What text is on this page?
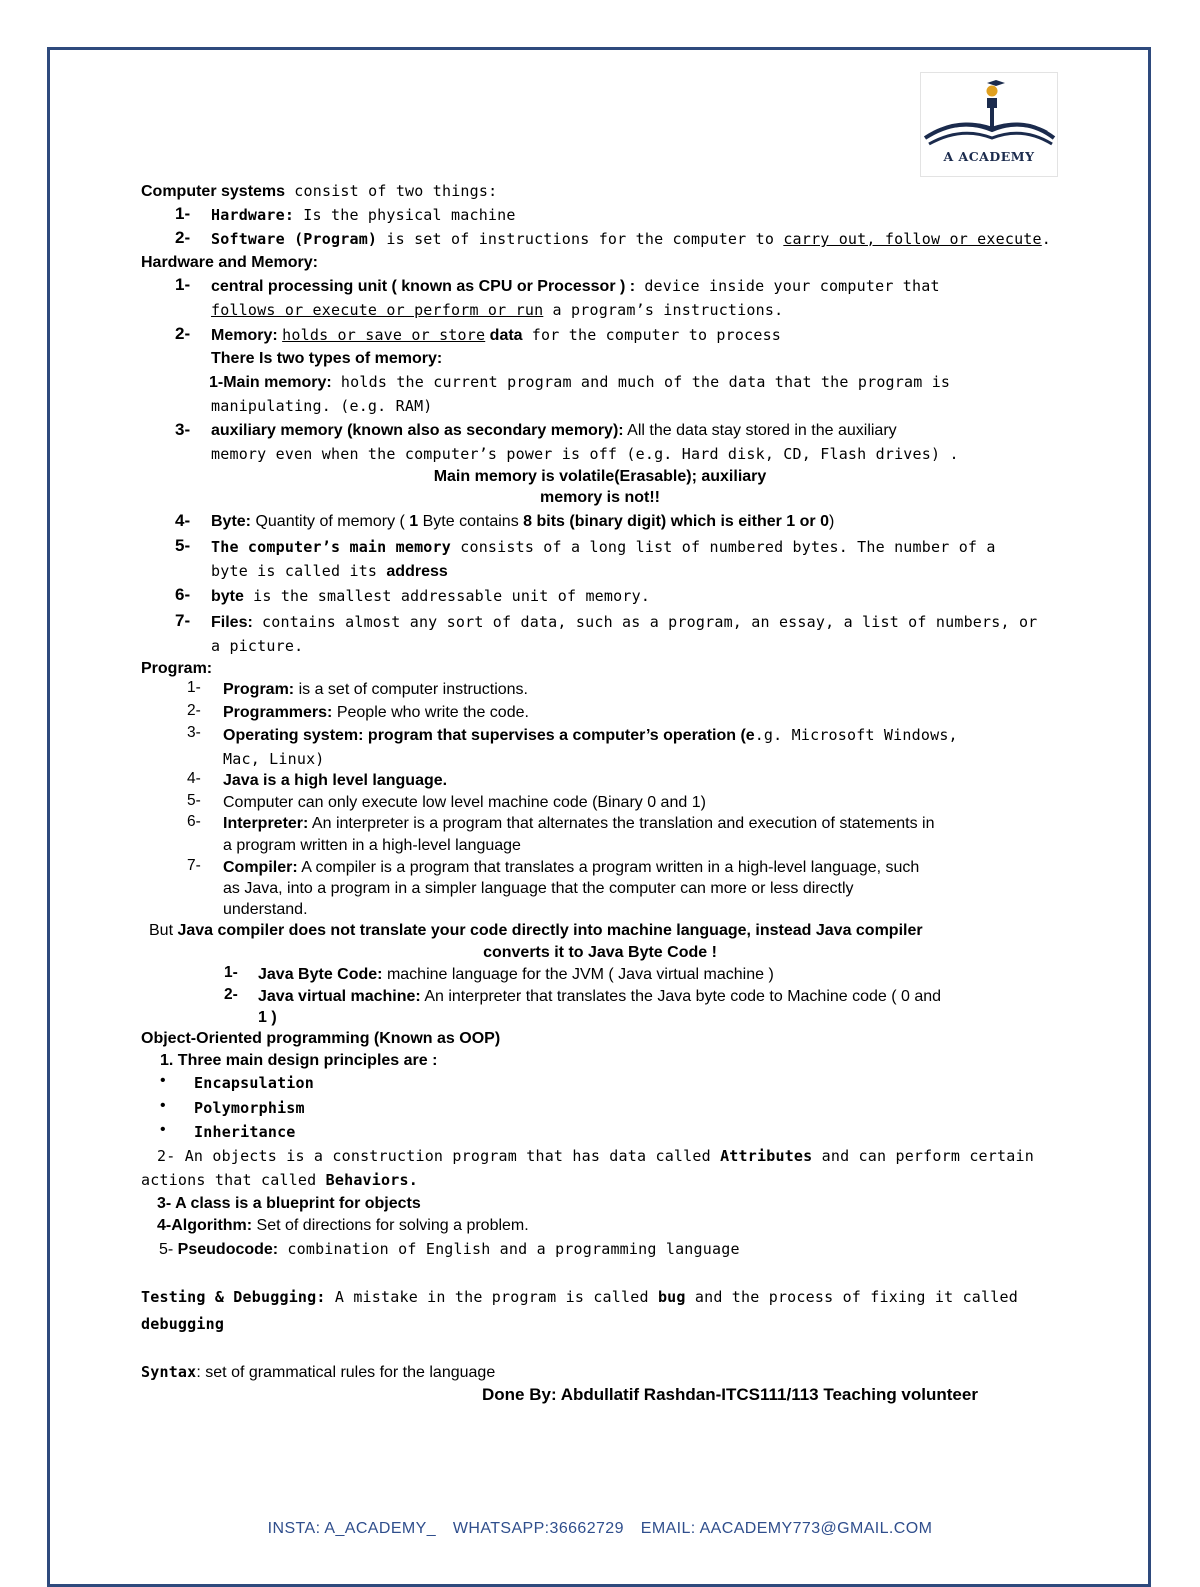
A ACADEMY
Computer systems consist of two things:
1- Hardware: Is the physical machine
2- Software (Program) is set of instructions for the computer to carry out, follow or execute.
Hardware and Memory:
1- central processing unit ( known as CPU or Processor ) : device inside your computer that
follows or execute or perform or run a program’s instructions.
2- Memory: holds or save or store data for the computer to process
There Is two types of memory:
1-Main memory: holds the current program and much of the data that the program is
manipulating. (e.g. RAM)
3- auxiliary memory (known also as secondary memory): All the data stay stored in the auxiliary
memory even when the computer’s power is off (e.g. Hard disk, CD, Flash drives) .
Main memory is volatile(Erasable); auxiliary
memory is not!!
4- Byte: Quantity of memory ( 1 Byte contains 8 bits (binary digit) which is either 1 or 0)
5- The computer’s main memory consists of a long list of numbered bytes. The number of a
byte is called its address
6- byte is the smallest addressable unit of memory.
7- Files: contains almost any sort of data, such as a program, an essay, a list of numbers, or
a picture.
Program:
1- Program: is a set of computer instructions.
2- Programmers: People who write the code.
3- Operating system: program that supervises a computer’s operation (e.g. Microsoft Windows,
Mac, Linux)
4- Java is a high level language.
5- Computer can only execute low level machine code (Binary 0 and 1)
6- Interpreter: An interpreter is a program that alternates the translation and execution of statements in
a program written in a high-level language
7- Compiler: A compiler is a program that translates a program written in a high-level language, such
as Java, into a program in a simpler language that the computer can more or less directly
understand.
But Java compiler does not translate your code directly into machine language, instead Java compiler
converts it to Java Byte Code !
1- Java Byte Code: machine language for the JVM ( Java virtual machine )
2- Java virtual machine: An interpreter that translates the Java byte code to Machine code ( 0 and
1 )
Object-Oriented programming (Known as OOP)
1. Three main design principles are :
• Encapsulation
• Polymorphism
• Inheritance
2- An objects is a construction program that has data called Attributes and can perform certain
actions that called Behaviors.
3- A class is a blueprint for objects
4-Algorithm: Set of directions for solving a problem.
5- Pseudocode: combination of English and a programming language
Testing & Debugging: A mistake in the program is called bug and the process of fixing it called
debugging
Syntax: set of grammatical rules for the language
Done By: Abdullatif Rashdan-ITCS111/113 Teaching volunteer
INSTA: A_ACADEMY_ WHATSAPP:36662729 EMAIL: AACADEMY773@GMAIL.COM
